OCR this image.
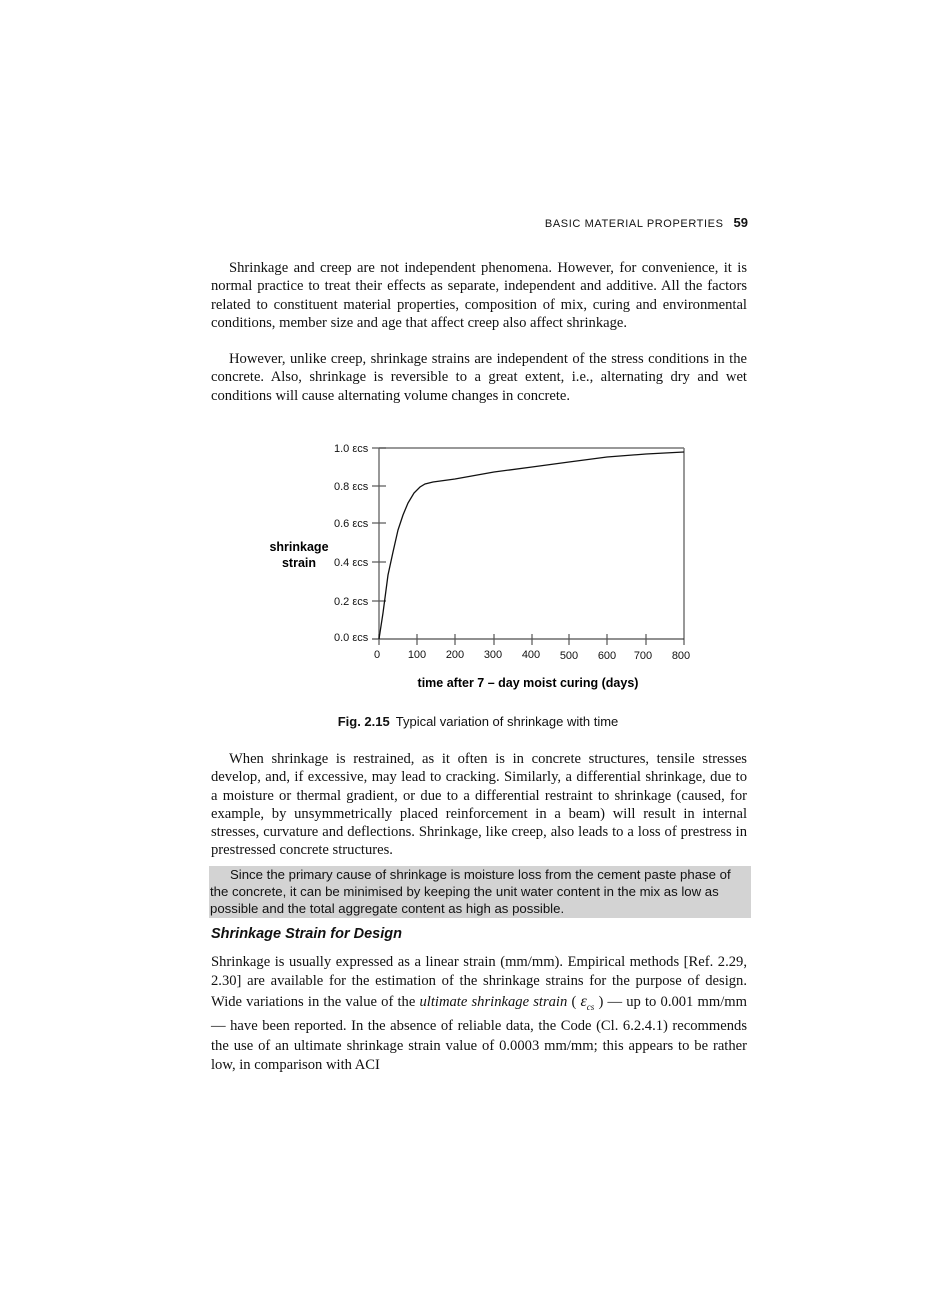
BASIC MATERIAL PROPERTIES 59
Shrinkage and creep are not independent phenomena. However, for convenience, it is normal practice to treat their effects as separate, independent and additive. All the factors related to constituent material properties, composition of mix, curing and environmental conditions, member size and age that affect creep also affect shrinkage.
However, unlike creep, shrinkage strains are independent of the stress conditions in the concrete. Also, shrinkage is reversible to a great extent, i.e., alternating dry and wet conditions will cause alternating volume changes in concrete.
1.0 εcs
0.8 εcs
0.6 εcs
0.4 εcs
0.2 εcs
0.0 εcs
0	100 200 300 400 500 600 700 800
shrinkage
strain
time after 7 – day moist curing (days)
Fig. 2.15 Typical variation of shrinkage with time
When shrinkage is restrained, as it often is in concrete structures, tensile stresses develop, and, if excessive, may lead to cracking. Similarly, a differential shrinkage, due to a moisture or thermal gradient, or due to a differential restraint to shrinkage (caused, for example, by unsymmetrically placed reinforcement in a beam) will result in internal stresses, curvature and deflections. Shrinkage, like creep, also leads to a loss of prestress in prestressed concrete structures.
Since the primary cause of shrinkage is moisture loss from the cement paste phase of the concrete, it can be minimised by keeping the unit water content in the mix as low as possible and the total aggregate content as high as possible.
Shrinkage Strain for Design
Shrinkage is usually expressed as a linear strain (mm/mm). Empirical methods [Ref. 2.29, 2.30] are available for the estimation of the shrinkage strains for the purpose of design. Wide variations in the value of the ultimate shrinkage strain ( $\varepsilon_{cs}$ ) — up to 0.001 mm/mm — have been reported. In the absence of reliable data, the Code (Cl. 6.2.4.1) recommends the use of an ultimate shrinkage strain value of 0.0003 mm/mm; this appears to be rather low, in comparison with ACI
